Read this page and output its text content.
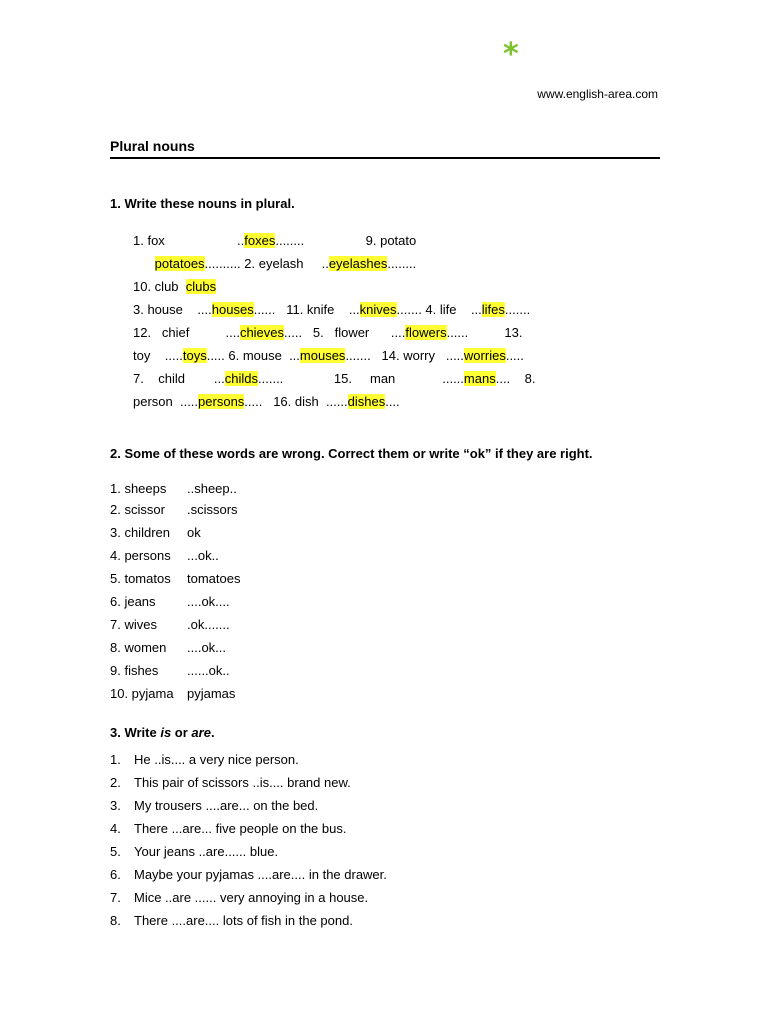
*
www.english-area.com
Plural nouns
1. Write these nouns in plural.
1. fox                    ..foxes........                 9. potato
potatoes.......... 2. eyelash     ..eyelashes........
10. club  clubs
3. house    ....houses......   11. knife    ...knives....... 4. life    ...lifes.......
12.   chief          ....chieves.....   5.   flower      ....flowers......          13.
toy    .....toys..... 6. mouse  ...mouses.......   14. worry   .....worries.....
7.    child        ...childs.......              15.     man             ......mans....    8.
person  .....persons.....   16. dish  ......dishes....
2. Some of these words are wrong. Correct them or write “ok” if they are right.
1. sheeps	..sheep..
2. scissor	.scissors
3. children	ok
4. persons	...ok..
5. tomatos	tomatoes
6. jeans	....ok....
7. wives	.ok.......
8. women	....ok...
9. fishes	......ok..
10. pyjama	pyjamas
3. Write is or are.
1.	He ..is.... a very nice person.
2.	This pair of scissors ..is.... brand new.
3.	My trousers ....are... on the bed.
4.	There ...are... five people on the bus.
5.	Your jeans ..are...... blue.
6.	Maybe your pyjamas ....are.... in the drawer.
7.	Mice ..are ...... very annoying in a house.
8.	There ....are.... lots of fish in the pond.
